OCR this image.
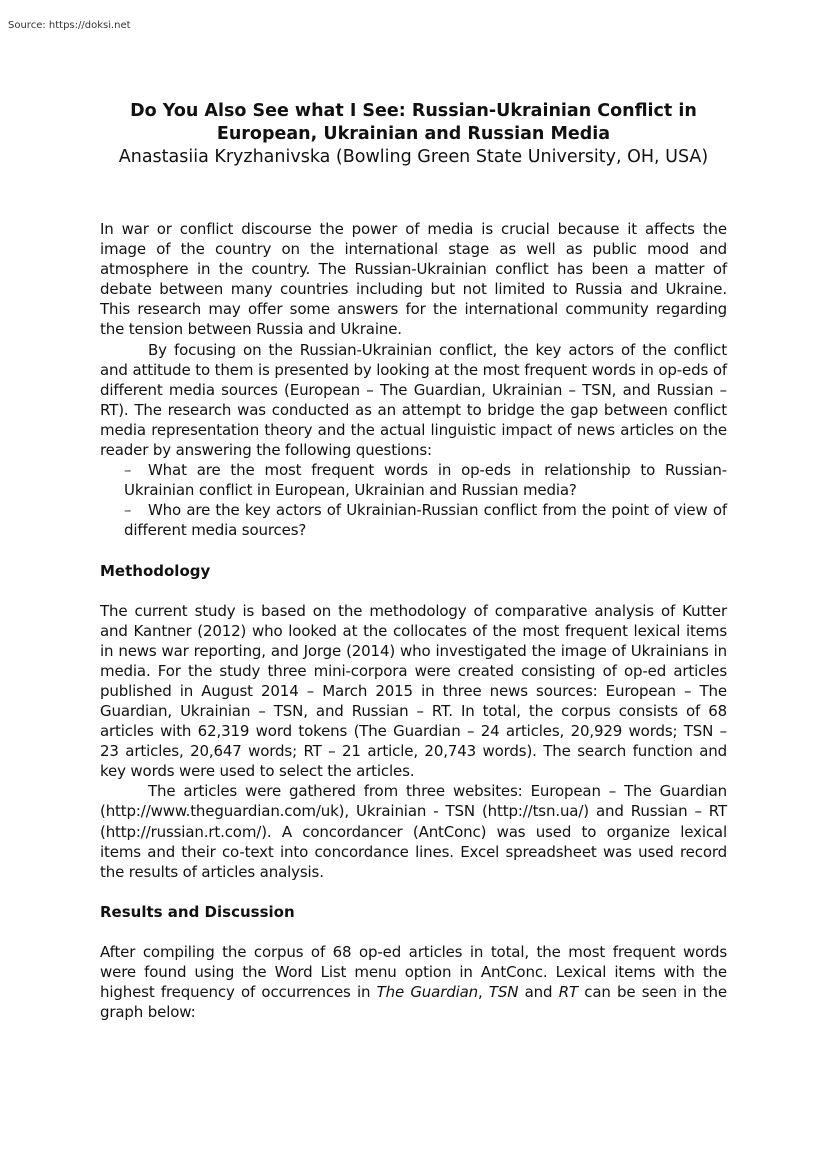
Source: https://doksi.net
Do You Also See what I See: Russian-Ukrainian Conflict in
European, Ukrainian and Russian Media

Anastasiia Kryzhanivska (Bowling Green State University, OH, USA)

In war or conflict discourse the power of media is crucial because it affects the image of the country on the international stage as well as public mood and atmosphere in the country. The Russian-Ukrainian conflict has been a matter of debate between many countries including but not limited to Russia and Ukraine. This research may offer some answers for the international community regarding the tension between Russia and Ukraine.

By focusing on the Russian-Ukrainian conflict, the key actors of the conflict and attitude to them is presented by looking at the most frequent words in op-eds of different media sources (European – The Guardian, Ukrainian – TSN, and Russian – RT). The research was conducted as an attempt to bridge the gap between conflict media representation theory and the actual linguistic impact of news articles on the reader by answering the following questions:

– What are the most frequent words in op-eds in relationship to Russian-Ukrainian conflict in European, Ukrainian and Russian media?
– Who are the key actors of Ukrainian-Russian conflict from the point of view of different media sources?
Methodology

The current study is based on the methodology of comparative analysis of Kutter and Kantner (2012) who looked at the collocates of the most frequent lexical items in news war reporting, and Jorge (2014) who investigated the image of Ukrainians in media. For the study three mini-corpora were created consisting of op-ed articles published in August 2014 – March 2015 in three news sources: European – The Guardian, Ukrainian – TSN, and Russian – RT. In total, the corpus consists of 68 articles with 62,319 word tokens (The Guardian – 24 articles, 20,929 words; TSN – 23 articles, 20,647 words; RT – 21 article, 20,743 words). The search function and key words were used to select the articles.

The articles were gathered from three websites: European – The Guardian (http://www.theguardian.com/uk), Ukrainian - TSN (http://tsn.ua/) and Russian – RT (http://russian.rt.com/). A concordancer (AntConc) was used to organize lexical items and their co-text into concordance lines. Excel spreadsheet was used record the results of articles analysis.

Results and Discussion

After compiling the corpus of 68 op-ed articles in total, the most frequent words were found using the Word List menu option in AntConc. Lexical items with the highest frequency of occurrences in The Guardian, TSN and RT can be seen in the graph below:
